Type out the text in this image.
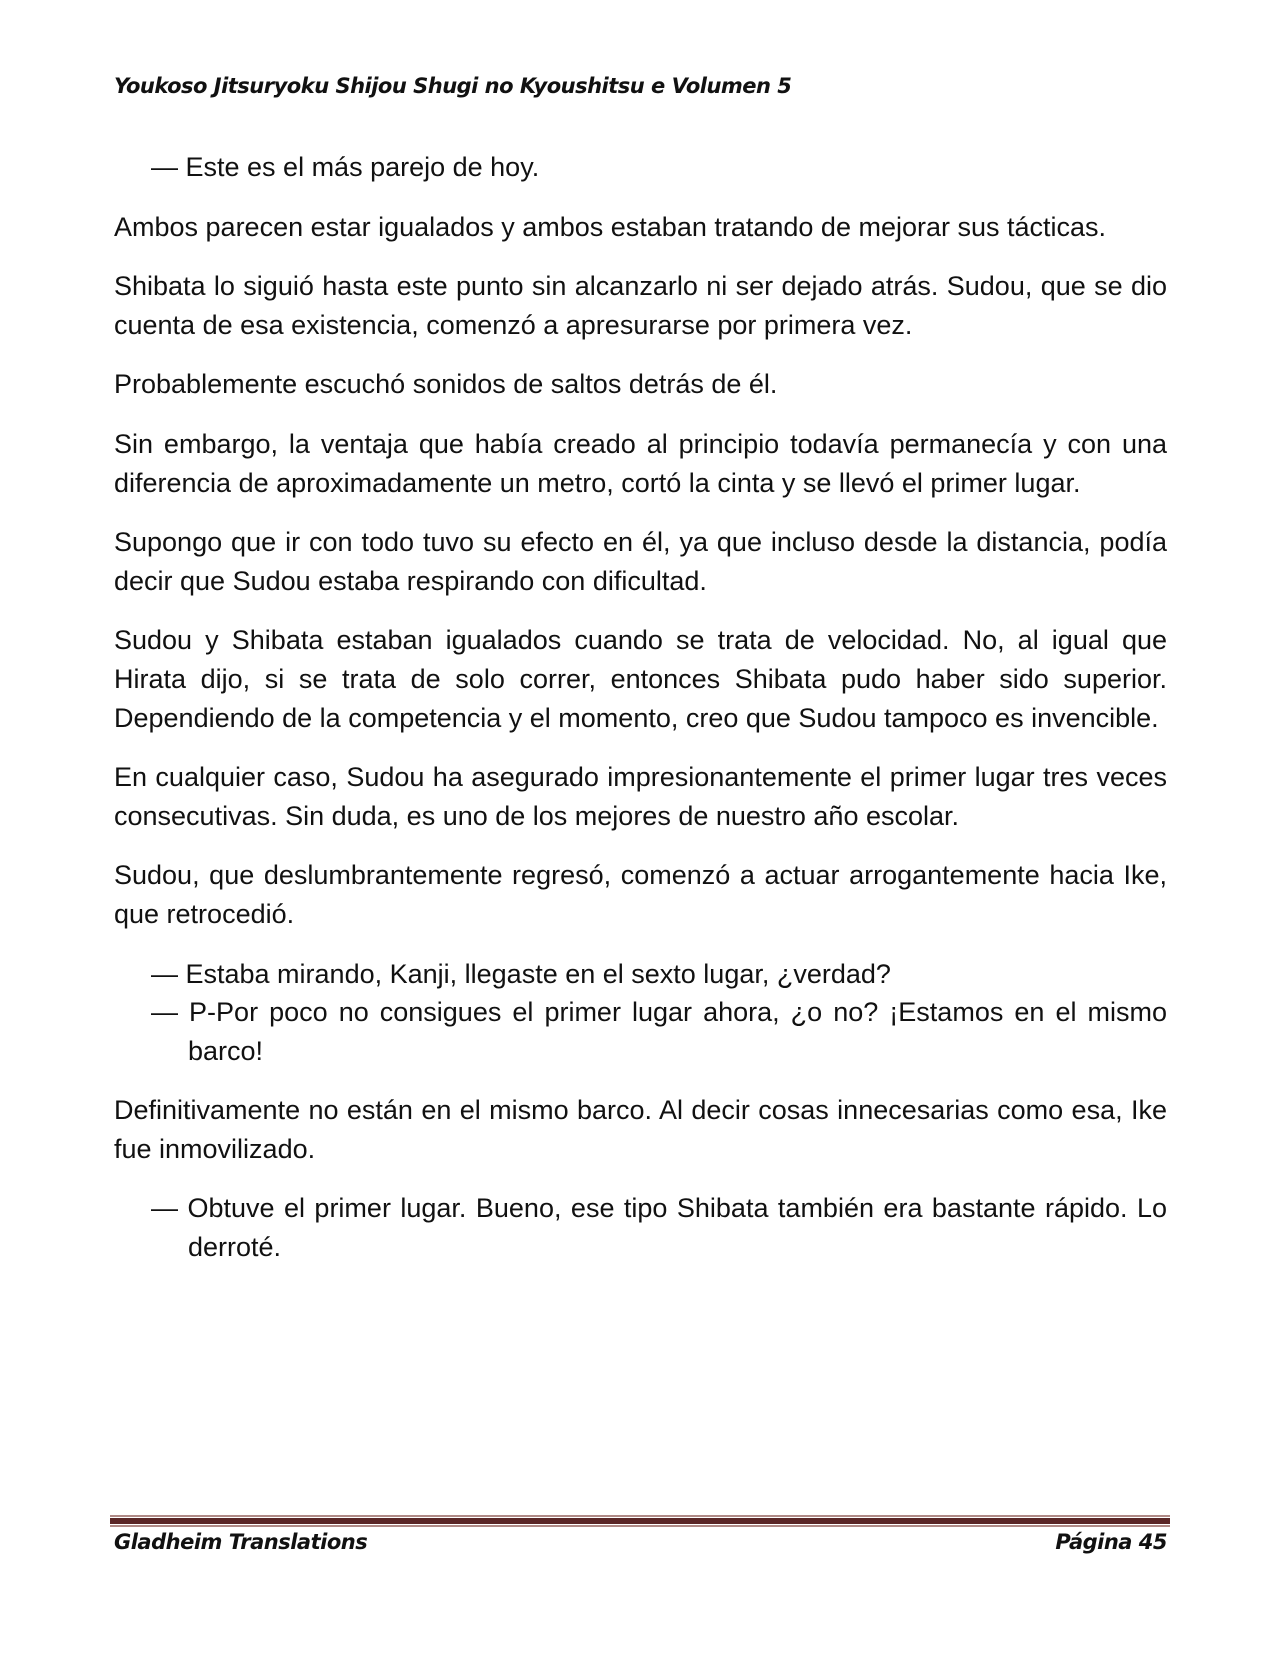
Youkoso Jitsuryoku Shijou Shugi no Kyoushitsu e Volumen 5

— Este es el más parejo de hoy.

Ambos parecen estar igualados y ambos estaban tratando de mejorar sus tácticas.

Shibata lo siguió hasta este punto sin alcanzarlo ni ser dejado atrás. Sudou, que se dio cuenta de esa existencia, comenzó a apresurarse por primera vez.

Probablemente escuchó sonidos de saltos detrás de él.

Sin embargo, la ventaja que había creado al principio todavía permanecía y con una diferencia de aproximadamente un metro, cortó la cinta y se llevó el primer lugar.

Supongo que ir con todo tuvo su efecto en él, ya que incluso desde la distancia, podía decir que Sudou estaba respirando con dificultad.

Sudou y Shibata estaban igualados cuando se trata de velocidad. No, al igual que Hirata dijo, si se trata de solo correr, entonces Shibata pudo haber sido superior. Dependiendo de la competencia y el momento, creo que Sudou tampoco es invencible.

En cualquier caso, Sudou ha asegurado impresionantemente el primer lugar tres veces consecutivas. Sin duda, es uno de los mejores de nuestro año escolar.

Sudou, que deslumbrantemente regresó, comenzó a actuar arrogantemente hacia Ike, que retrocedió.

— Estaba mirando, Kanji, llegaste en el sexto lugar, ¿verdad?

— P-Por poco no consigues el primer lugar ahora, ¿o no? ¡Estamos en el mismo barco!

Definitivamente no están en el mismo barco. Al decir cosas innecesarias como esa, Ike fue inmovilizado.

— Obtuve el primer lugar. Bueno, ese tipo Shibata también era bastante rápido. Lo derroté.

Gladheim Translations	Página 45
